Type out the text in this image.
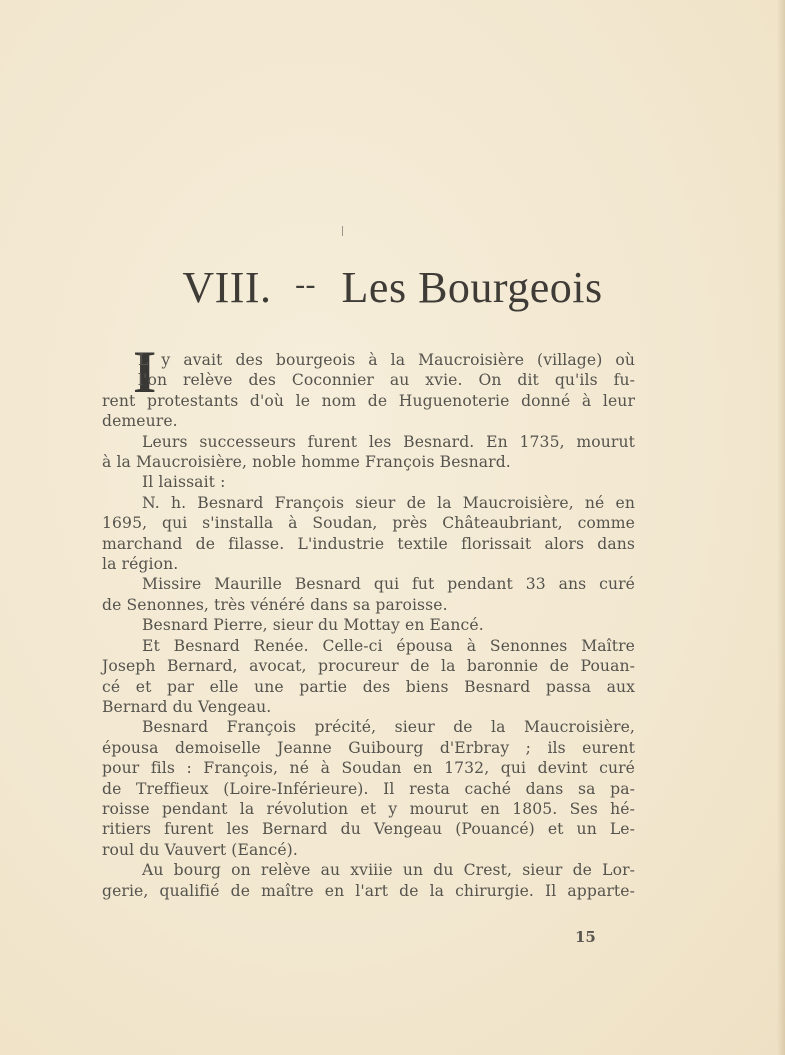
VIII. -- Les Bourgeois
I
L y avait des bourgeois à la Maucroisière (village) où
l'on relève des Coconnier au xvie. On dit qu'ils fu-
rent protestants d'où le nom de Huguenoterie donné à leur
demeure.
Leurs successeurs furent les Besnard. En 1735, mourut
à la Maucroisière, noble homme François Besnard.
Il laissait :
N. h. Besnard François sieur de la Maucroisière, né en
1695, qui s'installa à Soudan, près Châteaubriant, comme
marchand de filasse. L'industrie textile florissait alors dans
la région.
Missire Maurille Besnard qui fut pendant 33 ans curé
de Senonnes, très vénéré dans sa paroisse.
Besnard Pierre, sieur du Mottay en Eancé.
Et Besnard Renée. Celle-ci épousa à Senonnes Maître
Joseph Bernard, avocat, procureur de la baronnie de Pouan-
cé et par elle une partie des biens Besnard passa aux
Bernard du Vengeau.
Besnard François précité, sieur de la Maucroisière,
épousa demoiselle Jeanne Guibourg d'Erbray ; ils eurent
pour fils : François, né à Soudan en 1732, qui devint curé
de Treffieux (Loire-Inférieure). Il resta caché dans sa pa-
roisse pendant la révolution et y mourut en 1805. Ses hé-
ritiers furent les Bernard du Vengeau (Pouancé) et un Le-
roul du Vauvert (Eancé).
Au bourg on relève au xviiie un du Crest, sieur de Lor-
gerie, qualifié de maître en l'art de la chirurgie. Il apparte-
15
